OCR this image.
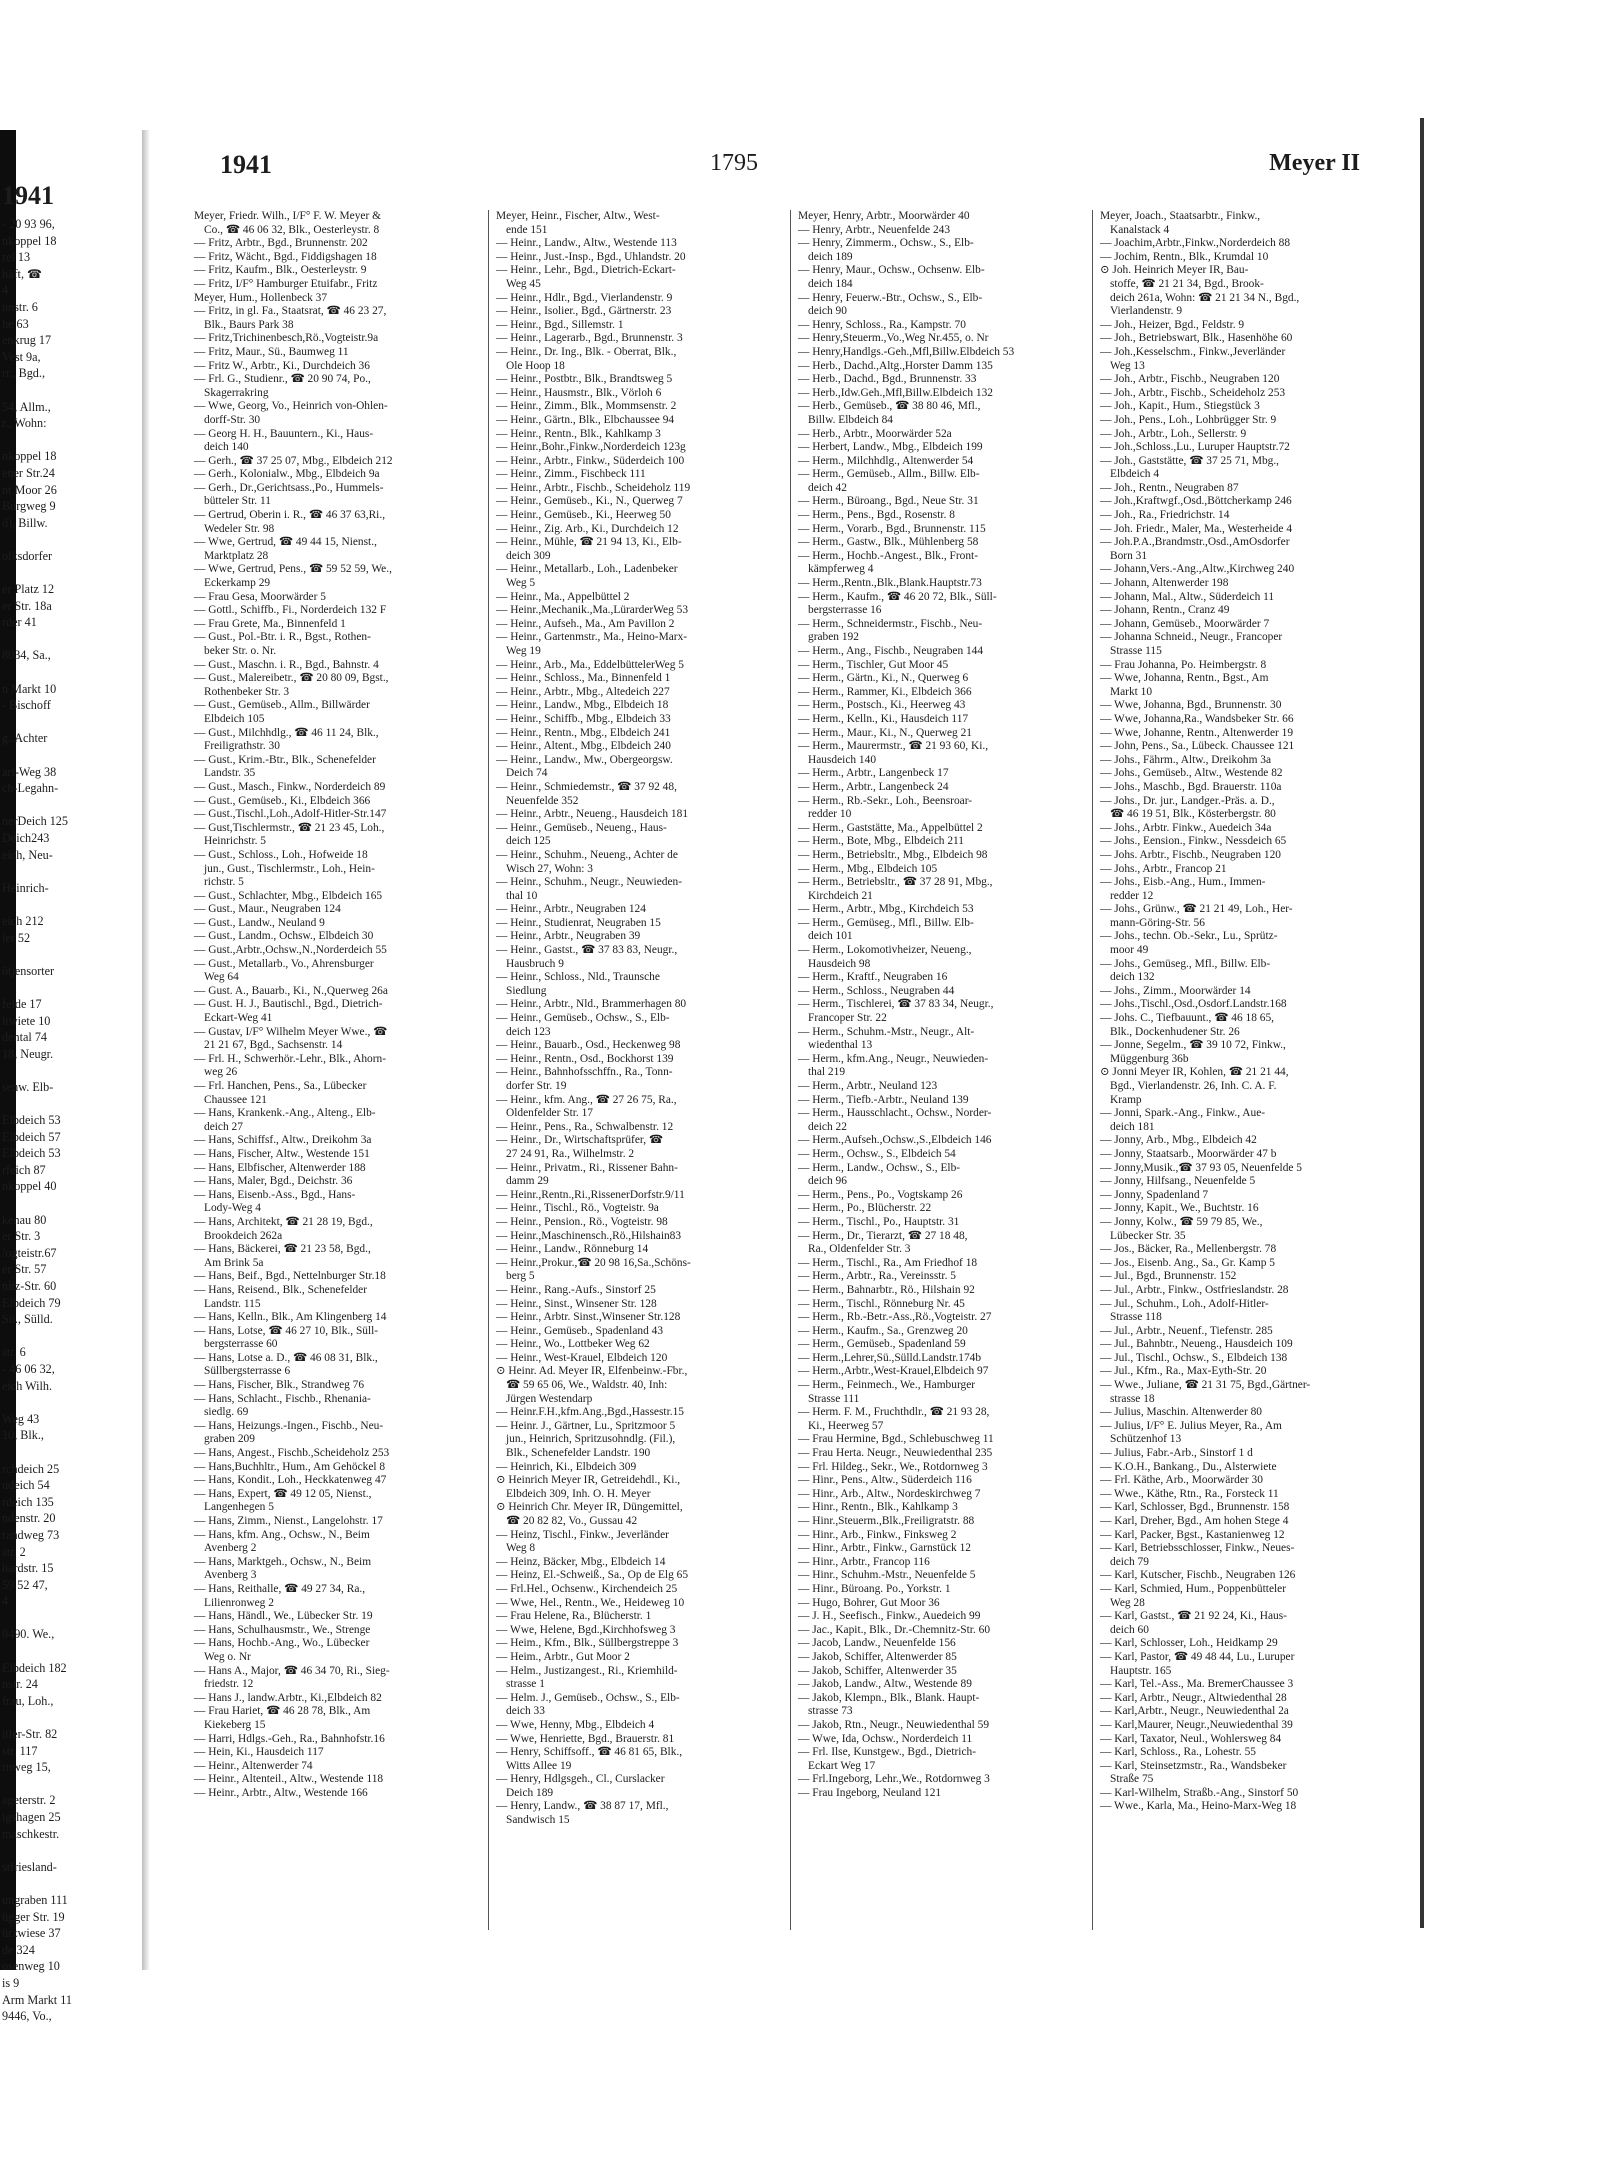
1941
- 20 93 96,
nkoppel 18
rel 13
häft, ☎
4
nnstr. 6
he 63
enkrug 17
Vest 9a,
rr., Bgd.,
54, Allm.,
r., Wohn:
nkoppel 18
ener Str.24
nt Moor 26
Burgweg 9
d), Billw.
olksdorfer
er Platz 12
er Str. 18a
rder 41
8034, Sa.,
n Markt 10
- Bischoff
g.,Achter
art-Weg 38
ch-Legahn-
nerDeich 125
Deich243
eich, Neu-
Heinrich-
eich 212
ler 52
ötjensorter
felde 17
ltwiete 10
dental 74
18, Neugr.
senw. Elb-
Elbdeich 53
Elbdeich 57
Elbdeich 53
rfeich 87
nkoppel 40
kenau 80
er Str. 3
/ogteistr.67
er Str. 57
nitz-Str. 60
Elbdeich 79
Sü., Sülld.
str. 6
- 46 06 32,
eich Wilh.
Weg 43
10, Blk.,
rchdeich 25
udeich 54
rdeich 135
ndenstr. 20
randweg 73
str. 2
hardstr. 15
59 52 47,
4
0490. We.,
Elbdeich 182
nstr. 24
frau, Loh.,
itler-Str. 82
str. 117
rnweg 15,
ageterstr. 2
igshagen 25
maschkestr.
stfriesland-
ungraben 111
ügger Str. 19
ürzwiese 37
de 324
osenweg 10
is 9
Arm Markt 11
9446, Vo.,
1941	1795	Meyer II
Meyer, Friedr. Wilh., I/F° F. W. Meyer &
Co., ☎ 46 06 32, Blk., Oesterleystr. 8
— Fritz, Arbtr., Bgd., Brunnenstr. 202
— Fritz, Wächt., Bgd., Fiddigshagen 18
— Fritz, Kaufm., Blk., Oesterleystr. 9
— Fritz, I/F° Hamburger Etuifabr., Fritz
Meyer, Hum., Hollenbeck 37
— Fritz, in gl. Fa., Staatsrat, ☎ 46 23 27,
Blk., Baurs Park 38
— Fritz,Trichinenbesch,Rö.,Vogteistr.9a
— Fritz, Maur., Sü., Baumweg 11
— Fritz W., Arbtr., Ki., Durchdeich 36
— Frl. G., Studienr., ☎ 20 90 74, Po.,
Skagerrakring
— Wwe, Georg, Vo., Heinrich von-Ohlen-
dorff-Str. 30
— Georg H. H., Bauuntern., Ki., Haus-
deich 140
— Gerh., ☎ 37 25 07, Mbg., Elbdeich 212
— Gerh., Kolonialw., Mbg., Elbdeich 9a
— Gerh., Dr.,Gerichtsass.,Po., Hummels-
bütteler Str. 11
— Gertrud, Oberin i. R., ☎ 46 37 63,Ri.,
Wedeler Str. 98
— Wwe, Gertrud, ☎ 49 44 15, Nienst.,
Marktplatz 28
— Wwe, Gertrud, Pens., ☎ 59 52 59, We.,
Eckerkamp 29
— Frau Gesa, Moorwärder 5
— Gottl., Schiffb., Fi., Norderdeich 132 F
— Frau Grete, Ma., Binnenfeld 1
— Gust., Pol.-Btr. i. R., Bgst., Rothen-
beker Str. o. Nr.
— Gust., Maschn. i. R., Bgd., Bahnstr. 4
— Gust., Malereibetr., ☎ 20 80 09, Bgst.,
Rothenbeker Str. 3
— Gust., Gemüseb., Allm., Billwärder
Elbdeich 105
— Gust., Milchhdlg., ☎ 46 11 24, Blk.,
Freiligrathstr. 30
— Gust., Krim.-Btr., Blk., Schenefelder
Landstr. 35
— Gust., Masch., Finkw., Norderdeich 89
— Gust., Gemüseb., Ki., Elbdeich 366
— Gust.,Tischl.,Loh.,Adolf-Hitler-Str.147
— Gust,Tischlermstr., ☎ 21 23 45, Loh.,
Heinrichstr. 5
— Gust., Schloss., Loh., Hofweide 18
jun., Gust., Tischlermstr., Loh., Hein-
richstr. 5
— Gust., Schlachter, Mbg., Elbdeich 165
— Gust., Maur., Neugraben 124
— Gust., Landw., Neuland 9
— Gust., Landm., Ochsw., Elbdeich 30
— Gust.,Arbtr.,Ochsw.,N.,Norderdeich 55
— Gust., Metallarb., Vo., Ahrensburger
Weg 64
— Gust. A., Bauarb., Ki., N.,Querweg 26a
— Gust. H. J., Bautischl., Bgd., Dietrich-
Eckart-Weg 41
— Gustav, I/F° Wilhelm Meyer Wwe., ☎
21 21 67, Bgd., Sachsenstr. 14
— Frl. H., Schwerhör.-Lehr., Blk., Ahorn-
weg 26
— Frl. Hanchen, Pens., Sa., Lübecker
Chaussee 121
— Hans, Krankenk.-Ang., Alteng., Elb-
deich 27
— Hans, Schiffsf., Altw., Dreikohm 3a
— Hans, Fischer, Altw., Westende 151
— Hans, Elbfischer, Altenwerder 188
— Hans, Maler, Bgd., Deichstr. 36
— Hans, Eisenb.-Ass., Bgd., Hans-
Lody-Weg 4
— Hans, Architekt, ☎ 21 28 19, Bgd.,
Brookdeich 262a
— Hans, Bäckerei, ☎ 21 23 58, Bgd.,
Am Brink 5a
— Hans, Beif., Bgd., Nettelnburger Str.18
— Hans, Reisend., Blk., Schenefelder
Landstr. 115
— Hans, Kelln., Blk., Am Klingenberg 14
— Hans, Lotse, ☎ 46 27 10, Blk., Süll-
bergsterrasse 60
— Hans, Lotse a. D., ☎ 46 08 31, Blk.,
Süllbergsterrasse 6
— Hans, Fischer, Blk., Strandweg 76
— Hans, Schlacht., Fischb., Rhenania-
siedlg. 69
— Hans, Heizungs.-Ingen., Fischb., Neu-
graben 209
— Hans, Angest., Fischb.,Scheideholz 253
— Hans,Buchhltr., Hum., Am Gehöckel 8
— Hans, Kondit., Loh., Heckkatenweg 47
— Hans, Expert, ☎ 49 12 05, Nienst.,
Langenhegen 5
— Hans, Zimm., Nienst., Langelohstr. 17
— Hans, kfm. Ang., Ochsw., N., Beim
Avenberg 2
— Hans, Marktgeh., Ochsw., N., Beim
Avenberg 3
— Hans, Reithalle, ☎ 49 27 34, Ra.,
Lilienronweg 2
— Hans, Händl., We., Lübecker Str. 19
— Hans, Schulhausmstr., We., Strenge
— Hans, Hochb.-Ang., Wo., Lübecker
Weg o. Nr
— Hans A., Major, ☎ 46 34 70, Ri., Sieg-
friedstr. 12
— Hans J., landw.Arbtr., Ki.,Elbdeich 82
— Frau Hariet, ☎ 46 28 78, Blk., Am
Kiekeberg 15
— Harri, Hdlgs.-Geh., Ra., Bahnhofstr.16
— Hein, Ki., Hausdeich 117
— Heinr., Altenwerder 74
— Heinr., Altenteil., Altw., Westende 118
— Heinr., Arbtr., Altw., Westende 166
Meyer, Heinr., Fischer, Altw., West-
ende 151
— Heinr., Landw., Altw., Westende 113
— Heinr., Just.-Insp., Bgd., Uhlandstr. 20
— Heinr., Lehr., Bgd., Dietrich-Eckart-
Weg 45
— Heinr., Hdlr., Bgd., Vierlandenstr. 9
— Heinr., Isolier., Bgd., Gärtnerstr. 23
— Heinr., Bgd., Sillemstr. 1
— Heinr., Lagerarb., Bgd., Brunnenstr. 3
— Heinr., Dr. Ing., Blk. - Oberrat, Blk.,
Ole Hoop 18
— Heinr., Postbtr., Blk., Brandtsweg 5
— Heinr., Hausmstr., Blk., Vörloh 6
— Heinr., Zimm., Blk., Mommsenstr. 2
— Heinr., Gärtn., Blk., Elbchaussee 94
— Heinr., Rentn., Blk., Kahlkamp 3
— Heinr.,Bohr.,Finkw.,Norderdeich 123g
— Heinr., Arbtr., Finkw., Süderdeich 100
— Heinr., Zimm., Fischbeck 111
— Heinr., Arbtr., Fischb., Scheideholz 119
— Heinr., Gemüseb., Ki., N., Querweg 7
— Heinr., Gemüseb., Ki., Heerweg 50
— Heinr., Zig. Arb., Ki., Durchdeich 12
— Heinr., Mühle, ☎ 21 94 13, Ki., Elb-
deich 309
— Heinr., Metallarb., Loh., Ladenbeker
Weg 5
— Heinr., Ma., Appelbüttel 2
— Heinr.,Mechanik.,Ma.,LürarderWeg 53
— Heinr., Aufseh., Ma., Am Pavillon 2
— Heinr., Gartenmstr., Ma., Heino-Marx-
Weg 19
— Heinr., Arb., Ma., EddelbüttelerWeg 5
— Heinr., Schloss., Ma., Binnenfeld 1
— Heinr., Arbtr., Mbg., Altedeich 227
— Heinr., Landw., Mbg., Elbdeich 18
— Heinr., Schiffb., Mbg., Elbdeich 33
— Heinr., Rentn., Mbg., Elbdeich 241
— Heinr., Altent., Mbg., Elbdeich 240
— Heinr., Landw., Mw., Obergeorgsw.
Deich 74
— Heinr., Schmiedemstr., ☎ 37 92 48,
Neuenfelde 352
— Heinr., Arbtr., Neueng., Hausdeich 181
— Heinr., Gemüseb., Neueng., Haus-
deich 125
— Heinr., Schuhm., Neueng., Achter de
Wisch 27, Wohn: 3
— Heinr., Schuhm., Neugr., Neuwieden-
thal 10
— Heinr., Arbtr., Neugraben 124
— Heinr., Studienrat, Neugraben 15
— Heinr., Arbtr., Neugraben 39
— Heinr., Gastst., ☎ 37 83 83, Neugr.,
Hausbruch 9
— Heinr., Schloss., Nld., Traunsche
Siedlung
— Heinr., Arbtr., Nld., Brammerhagen 80
— Heinr., Gemüseb., Ochsw., S., Elb-
deich 123
— Heinr., Bauarb., Osd., Heckenweg 98
— Heinr., Rentn., Osd., Bockhorst 139
— Heinr., Bahnhofsschffn., Ra., Tonn-
dorfer Str. 19
— Heinr., kfm. Ang., ☎ 27 26 75, Ra.,
Oldenfelder Str. 17
— Heinr., Pens., Ra., Schwalbenstr. 12
— Heinr., Dr., Wirtschaftsprüfer, ☎
27 24 91, Ra., Wilhelmstr. 2
— Heinr., Privatm., Ri., Rissener Bahn-
damm 29
— Heinr.,Rentn.,Ri.,RissenerDorfstr.9/11
— Heinr., Tischl., Rö., Vogteistr. 9a
— Heinr., Pension., Rö., Vogteistr. 98
— Heinr.,Maschinensch.,Rö.,Hilshain83
— Heinr., Landw., Rönneburg 14
— Heinr.,Prokur.,☎ 20 98 16,Sa.,Schöns-
berg 5
— Heinr., Rang.-Aufs., Sinstorf 25
— Heinr., Sinst., Winsener Str. 128
— Heinr., Arbtr. Sinst.,Winsener Str.128
— Heinr., Gemüseb., Spadenland 43
— Heinr., Wo., Lottbeker Weg 62
— Heinr., West-Krauel, Elbdeich 120
⊙ Heinr. Ad. Meyer IR, Elfenbeinw.-Fbr.,
☎ 59 65 06, We., Waldstr. 40, Inh:
Jürgen Westendarp
— Heinr.F.H.,kfm.Ang.,Bgd.,Hassestr.15
— Heinr. J., Gärtner, Lu., Spritzmoor 5
jun., Heinrich, Spritzusohndlg. (Fil.),
Blk., Schenefelder Landstr. 190
— Heinrich, Ki., Elbdeich 309
⊙ Heinrich Meyer IR, Getreidehdl., Ki.,
Elbdeich 309, Inh. O. H. Meyer
⊙ Heinrich Chr. Meyer IR, Düngemittel,
☎ 20 82 82, Vo., Gussau 42
— Heinz, Tischl., Finkw., Jeverländer
Weg 8
— Heinz, Bäcker, Mbg., Elbdeich 14
— Heinz, El.-Schweiß., Sa., Op de Elg 65
— Frl.Hel., Ochsenw., Kirchendeich 25
— Wwe, Hel., Rentn., We., Heideweg 10
— Frau Helene, Ra., Blücherstr. 1
— Wwe, Helene, Bgd.,Kirchhofsweg 3
— Heim., Kfm., Blk., Süllbergstreppe 3
— Heim., Arbtr., Gut Moor 2
— Helm., Justizangest., Ri., Kriemhild-
strasse 1
— Helm. J., Gemüseb., Ochsw., S., Elb-
deich 33
— Wwe, Henny, Mbg., Elbdeich 4
— Wwe, Henriette, Bgd., Brauerstr. 81
— Henry, Schiffsoff., ☎ 46 81 65, Blk.,
Witts Allee 19
— Henry, Hdlgsgeh., Cl., Curslacker
Deich 189
— Henry, Landw., ☎ 38 87 17, Mfl.,
Sandwisch 15
Meyer, Henry, Arbtr., Moorwärder 40
— Henry, Arbtr., Neuenfelde 243
— Henry, Zimmerm., Ochsw., S., Elb-
deich 189
— Henry, Maur., Ochsw., Ochsenw. Elb-
deich 184
— Henry, Feuerw.-Btr., Ochsw., S., Elb-
deich 90
— Henry, Schloss., Ra., Kampstr. 70
— Henry,Steuerm.,Vo.,Weg Nr.455, o. Nr
— Henry,Handlgs.-Geh.,Mfl,Billw.Elbdeich 53
— Herb., Dachd.,Altg.,Horster Damm 135
— Herb., Dachd., Bgd., Brunnenstr. 33
— Herb.,Idw.Geh.,Mfl,Billw.Elbdeich 132
— Herb., Gemüseb., ☎ 38 80 46, Mfl.,
Billw. Elbdeich 84
— Herb., Arbtr., Moorwärder 52a
— Herbert, Landw., Mbg., Elbdeich 199
— Herm., Milchhdlg., Altenwerder 54
— Herm., Gemüseb., Allm., Billw. Elb-
deich 42
— Herm., Büroang., Bgd., Neue Str. 31
— Herm., Pens., Bgd., Rosenstr. 8
— Herm., Vorarb., Bgd., Brunnenstr. 115
— Herm., Gastw., Blk., Mühlenberg 58
— Herm., Hochb.-Angest., Blk., Front-
kämpferweg 4
— Herm.,Rentn.,Blk.,Blank.Hauptstr.73
— Herm., Kaufm., ☎ 46 20 72, Blk., Süll-
bergsterrasse 16
— Herm., Schneidermstr., Fischb., Neu-
graben 192
— Herm., Ang., Fischb., Neugraben 144
— Herm., Tischler, Gut Moor 45
— Herm., Gärtn., Ki., N., Querweg 6
— Herm., Rammer, Ki., Elbdeich 366
— Herm., Postsch., Ki., Heerweg 43
— Herm., Kelln., Ki., Hausdeich 117
— Herm., Maur., Ki., N., Querweg 21
— Herm., Maurermstr., ☎ 21 93 60, Ki.,
Hausdeich 140
— Herm., Arbtr., Langenbeck 17
— Herm., Arbtr., Langenbeck 24
— Herm., Rb.-Sekr., Loh., Beensroar-
redder 10
— Herm., Gaststätte, Ma., Appelbüttel 2
— Herm., Bote, Mbg., Elbdeich 211
— Herm., Betriebsltr., Mbg., Elbdeich 98
— Herm., Mbg., Elbdeich 105
— Herm., Betriebsltr., ☎ 37 28 91, Mbg.,
Kirchdeich 21
— Herm., Arbtr., Mbg., Kirchdeich 53
— Herm., Gemüseg., Mfl., Billw. Elb-
deich 101
— Herm., Lokomotivheizer, Neueng.,
Hausdeich 98
— Herm., Kraftf., Neugraben 16
— Herm., Schloss., Neugraben 44
— Herm., Tischlerei, ☎ 37 83 34, Neugr.,
Francoper Str. 22
— Herm., Schuhm.-Mstr., Neugr., Alt-
wiedenthal 13
— Herm., kfm.Ang., Neugr., Neuwieden-
thal 219
— Herm., Arbtr., Neuland 123
— Herm., Tiefb.-Arbtr., Neuland 139
— Herm., Hausschlacht., Ochsw., Norder-
deich 22
— Herm.,Aufseh.,Ochsw.,S.,Elbdeich 146
— Herm., Ochsw., S., Elbdeich 54
— Herm., Landw., Ochsw., S., Elb-
deich 96
— Herm., Pens., Po., Vogtskamp 26
— Herm., Po., Blücherstr. 22
— Herm., Tischl., Po., Hauptstr. 31
— Herm., Dr., Tierarzt, ☎ 27 18 48,
Ra., Oldenfelder Str. 3
— Herm., Tischl., Ra., Am Friedhof 18
— Herm., Arbtr., Ra., Vereinsstr. 5
— Herm., Bahnarbtr., Rö., Hilshain 92
— Herm., Tischl., Rönneburg Nr. 45
— Herm., Rb.-Betr.-Ass.,Rö.,Vogteistr. 27
— Herm., Kaufm., Sa., Grenzweg 20
— Herm., Gemüseb., Spadenland 59
— Herm.,Lehrer,Sü.,Sülld.Landstr.174b
— Herm.,Arbtr.,West-Krauel,Elbdeich 97
— Herm., Feinmech., We., Hamburger
Strasse 111
— Herm. F. M., Fruchthdlr., ☎ 21 93 28,
Ki., Heerweg 57
— Frau Hermine, Bgd., Schlebuschweg 11
— Frau Herta. Neugr., Neuwiedenthal 235
— Frl. Hildeg., Sekr., We., Rotdornweg 3
— Hinr., Pens., Altw., Süderdeich 116
— Hinr., Arb., Altw., Nordeskirchweg 7
— Hinr., Rentn., Blk., Kahlkamp 3
— Hinr.,Steuerm.,Blk.,Freiligratstr. 88
— Hinr., Arb., Finkw., Finksweg 2
— Hinr., Arbtr., Finkw., Garnstück 12
— Hinr., Arbtr., Francop 116
— Hinr., Schuhm.-Mstr., Neuenfelde 5
— Hinr., Büroang. Po., Yorkstr. 1
— Hugo, Bohrer, Gut Moor 36
— J. H., Seefisch., Finkw., Auedeich 99
— Jac., Kapit., Blk., Dr.-Chemnitz-Str. 60
— Jacob, Landw., Neuenfelde 156
— Jakob, Schiffer, Altenwerder 85
— Jakob, Schiffer, Altenwerder 35
— Jakob, Landw., Altw., Westende 89
— Jakob, Klempn., Blk., Blank. Haupt-
strasse 73
— Jakob, Rtn., Neugr., Neuwiedenthal 59
— Wwe, Ida, Ochsw., Norderdeich 11
— Frl. Ilse, Kunstgew., Bgd., Dietrich-
Eckart Weg 17
— Frl.Ingeborg, Lehr.,We., Rotdornweg 3
— Frau Ingeborg, Neuland 121
Meyer, Joach., Staatsarbtr., Finkw.,
Kanalstack 4
— Joachim,Arbtr.,Finkw.,Norderdeich 88
— Jochim, Rentn., Blk., Krumdal 10
⊙ Joh. Heinrich Meyer IR, Bau-
stoffe, ☎ 21 21 34, Bgd., Brook-
deich 261a, Wohn: ☎ 21 21 34 N., Bgd.,
Vierlandenstr. 9
— Joh., Heizer, Bgd., Feldstr. 9
— Joh., Betriebswart, Blk., Hasenhöhe 60
— Joh.,Kesselschm., Finkw.,Jeverländer
Weg 13
— Joh., Arbtr., Fischb., Neugraben 120
— Joh., Arbtr., Fischb., Scheideholz 253
— Joh., Kapit., Hum., Stiegstück 3
— Joh., Pens., Loh., Lohbrügger Str. 9
— Joh., Arbtr., Loh., Sellerstr. 9
— Joh.,Schloss.,Lu., Luruper Hauptstr.72
— Joh., Gaststätte, ☎ 37 25 71, Mbg.,
Elbdeich 4
— Joh., Rentn., Neugraben 87
— Joh.,Kraftwgf.,Osd.,Böttcherkamp 246
— Joh., Ra., Friedrichstr. 14
— Joh. Friedr., Maler, Ma., Westerheide 4
— Joh.P.A.,Brandmstr.,Osd.,AmOsdorfer
Born 31
— Johann,Vers.-Ang.,Altw.,Kirchweg 240
— Johann, Altenwerder 198
— Johann, Mal., Altw., Süderdeich 11
— Johann, Rentn., Cranz 49
— Johann, Gemüseb., Moorwärder 7
— Johanna Schneid., Neugr., Francoper
Strasse 115
— Frau Johanna, Po. Heimbergstr. 8
— Wwe, Johanna, Rentn., Bgst., Am
Markt 10
— Wwe, Johanna, Bgd., Brunnenstr. 30
— Wwe, Johanna,Ra., Wandsbeker Str. 66
— Wwe, Johanne, Rentn., Altenwerder 19
— John, Pens., Sa., Lübeck. Chaussee 121
— Johs., Fährm., Altw., Dreikohm 3a
— Johs., Gemüseb., Altw., Westende 82
— Johs., Maschb., Bgd. Brauerstr. 110a
— Johs., Dr. jur., Landger.-Präs. a. D.,
☎ 46 19 51, Blk., Kösterbergstr. 80
— Johs., Arbtr. Finkw., Auedeich 34a
— Johs., Eension., Finkw., Nessdeich 65
— Johs. Arbtr., Fischb., Neugraben 120
— Johs., Arbtr., Francop 21
— Johs., Eisb.-Ang., Hum., Immen-
redder 12
— Johs., Grünw., ☎ 21 21 49, Loh., Her-
mann-Göring-Str. 56
— Johs., techn. Ob.-Sekr., Lu., Sprütz-
moor 49
— Johs., Gemüseg., Mfl., Billw. Elb-
deich 132
— Johs., Zimm., Moorwärder 14
— Johs.,Tischl.,Osd.,Osdorf.Landstr.168
— Johs. C., Tiefbauunt., ☎ 46 18 65,
Blk., Dockenhudener Str. 26
— Jonne, Segelm., ☎ 39 10 72, Finkw.,
Müggenburg 36b
⊙ Jonni Meyer IR, Kohlen, ☎ 21 21 44,
Bgd., Vierlandenstr. 26, Inh. C. A. F.
Kramp
— Jonni, Spark.-Ang., Finkw., Aue-
deich 181
— Jonny, Arb., Mbg., Elbdeich 42
— Jonny, Staatsarb., Moorwärder 47 b
— Jonny,Musik.,☎ 37 93 05, Neuenfelde 5
— Jonny, Hilfsang., Neuenfelde 5
— Jonny, Spadenland 7
— Jonny, Kapit., We., Buchtstr. 16
— Jonny, Kolw., ☎ 59 79 85, We.,
Lübecker Str. 35
— Jos., Bäcker, Ra., Mellenbergstr. 78
— Jos., Eisenb. Ang., Sa., Gr. Kamp 5
— Jul., Bgd., Brunnenstr. 152
— Jul., Arbtr., Finkw., Ostfrieslandstr. 28
— Jul., Schuhm., Loh., Adolf-Hitler-
Strasse 118
— Jul., Arbtr., Neuenf., Tiefenstr. 285
— Jul., Bahnbtr., Neueng., Hausdeich 109
— Jul., Tischl., Ochsw., S., Elbdeich 138
— Jul., Kfm., Ra., Max-Eyth-Str. 20
— Wwe., Juliane, ☎ 21 31 75, Bgd.,Gärtner-
strasse 18
— Julius, Maschin. Altenwerder 80
— Julius, I/F° E. Julius Meyer, Ra., Am
Schützenhof 13
— Julius, Fabr.-Arb., Sinstorf 1 d
— K.O.H., Bankang., Du., Alsterwiete
— Frl. Käthe, Arb., Moorwärder 30
— Wwe., Käthe, Rtn., Ra., Forsteck 11
— Karl, Schlosser, Bgd., Brunnenstr. 158
— Karl, Dreher, Bgd., Am hohen Stege 4
— Karl, Packer, Bgst., Kastanienweg 12
— Karl, Betriebsschlosser, Finkw., Neues-
deich 79
— Karl, Kutscher, Fischb., Neugraben 126
— Karl, Schmied, Hum., Poppenbütteler
Weg 28
— Karl, Gastst., ☎ 21 92 24, Ki., Haus-
deich 60
— Karl, Schlosser, Loh., Heidkamp 29
— Karl, Pastor, ☎ 49 48 44, Lu., Luruper
Hauptstr. 165
— Karl, Tel.-Ass., Ma. BremerChaussee 3
— Karl, Arbtr., Neugr., Altwiedenthal 28
— Karl,Arbtr., Neugr., Neuwiedenthal 2a
— Karl,Maurer, Neugr.,Neuwiedenthal 39
— Karl, Taxator, Neul., Wohlersweg 84
— Karl, Schloss., Ra., Lohestr. 55
— Karl, Steinsetzmstr., Ra., Wandsbeker
Straße 75
— Karl-Wilhelm, Straßb.-Ang., Sinstorf 50
— Wwe., Karla, Ma., Heino-Marx-Weg 18
